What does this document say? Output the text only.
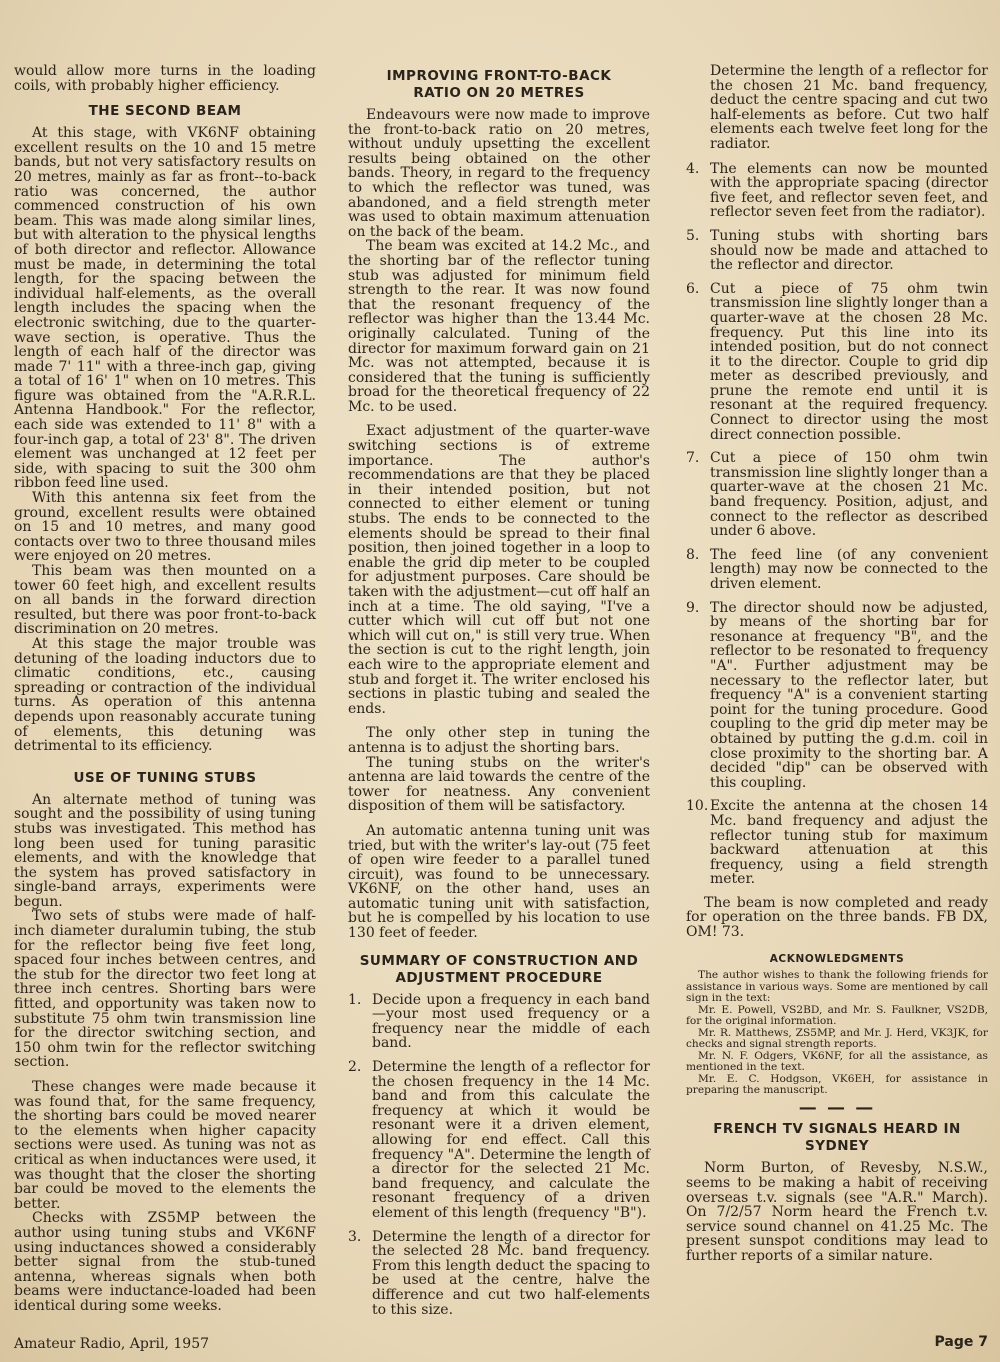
would allow more turns in the loading coils, with probably higher efficiency.

THE SECOND BEAM

At this stage, with VK6NF obtaining excellent results on the 10 and 15 metre bands, but not very satisfactory results on 20 metres, mainly as far as front--to-back ratio was concerned, the author commenced construction of his own beam. This was made along similar lines, but with alteration to the physical lengths of both director and reflector. Allowance must be made, in determining the total length, for the spacing between the individual half-elements, as the overall length includes the spacing when the electronic switching, due to the quarter-wave section, is operative. Thus the length of each half of the director was made 7' 11" with a three-inch gap, giving a total of 16' 1" when on 10 metres. This figure was obtained from the "A.R.R.L. Antenna Handbook." For the reflector, each side was extended to 11' 8" with a four-inch gap, a total of 23' 8". The driven element was unchanged at 12 feet per side, with spacing to suit the 300 ohm ribbon feed line used.

With this antenna six feet from the ground, excellent results were obtained on 15 and 10 metres, and many good contacts over two to three thousand miles were enjoyed on 20 metres.

This beam was then mounted on a tower 60 feet high, and excellent results on all bands in the forward direction resulted, but there was poor front-to-back discrimination on 20 metres.

At this stage the major trouble was detuning of the loading inductors due to climatic conditions, etc., causing spreading or contraction of the individual turns. As operation of this antenna depends upon reasonably accurate tuning of elements, this detuning was detrimental to its efficiency.

USE OF TUNING STUBS

An alternate method of tuning was sought and the possibility of using tuning stubs was investigated. This method has long been used for tuning parasitic elements, and with the knowledge that the system has proved satisfactory in single-band arrays, experiments were begun.

Two sets of stubs were made of half-inch diameter duralumin tubing, the stub for the reflector being five feet long, spaced four inches between centres, and the stub for the director two feet long at three inch centres. Shorting bars were fitted, and opportunity was taken now to substitute 75 ohm twin transmission line for the director switching section, and 150 ohm twin for the reflector switching section.

These changes were made because it was found that, for the same frequency, the shorting bars could be moved nearer to the elements when higher capacity sections were used. As tuning was not as critical as when inductances were used, it was thought that the closer the shorting bar could be moved to the elements the better.

Checks with ZS5MP between the author using tuning stubs and VK6NF using inductances showed a considerably better signal from the stub-tuned antenna, whereas signals when both beams were inductance-loaded had been identical during some weeks.

IMPROVING FRONT-TO-BACK RATIO ON 20 METRES

Endeavours were now made to improve the front-to-back ratio on 20 metres, without unduly upsetting the excellent results being obtained on the other bands. Theory, in regard to the frequency to which the reflector was tuned, was abandoned, and a field strength meter was used to obtain maximum attenuation on the back of the beam.

The beam was excited at 14.2 Mc., and the shorting bar of the reflector tuning stub was adjusted for minimum field strength to the rear. It was now found that the resonant frequency of the reflector was higher than the 13.44 Mc. originally calculated. Tuning of the director for maximum forward gain on 21 Mc. was not attempted, because it is considered that the tuning is sufficiently broad for the theoretical frequency of 22 Mc. to be used.

Exact adjustment of the quarter-wave switching sections is of extreme importance. The author's recommendations are that they be placed in their intended position, but not connected to either element or tuning stubs. The ends to be connected to the elements should be spread to their final position, then joined together in a loop to enable the grid dip meter to be coupled for adjustment purposes. Care should be taken with the adjustment—cut off half an inch at a time. The old saying, "I've a cutter which will cut off but not one which will cut on," is still very true. When the section is cut to the right length, join each wire to the appropriate element and stub and forget it. The writer enclosed his sections in plastic tubing and sealed the ends.

The only other step in tuning the antenna is to adjust the shorting bars.

The tuning stubs on the writer's antenna are laid towards the centre of the tower for neatness. Any convenient disposition of them will be satisfactory.

An automatic antenna tuning unit was tried, but with the writer's lay-out (75 feet of open wire feeder to a parallel tuned circuit), was found to be unnecessary. VK6NF, on the other hand, uses an automatic tuning unit with satisfaction, but he is compelled by his location to use 130 feet of feeder.

SUMMARY OF CONSTRUCTION AND ADJUSTMENT PROCEDURE
1. Decide upon a frequency in each band—your most used frequency or a frequency near the middle of each band.
2. Determine the length of a reflector for the chosen frequency in the 14 Mc. band and from this calculate the frequency at which it would be resonant were it a driven element, allowing for end effect. Call this frequency "A". Determine the length of a director for the selected 21 Mc. band frequency, and calculate the resonant frequency of a driven element of this length (frequency "B").
3. Determine the length of a director for the selected 28 Mc. band frequency. From this length deduct the spacing to be used at the centre, halve the difference and cut two half-elements to this size.

Determine the length of a reflector for the chosen 21 Mc. band frequency, deduct the centre spacing and cut two half-elements as before. Cut two half elements each twelve feet long for the radiator.

4. The elements can now be mounted with the appropriate spacing (director five feet, and reflector seven feet, and reflector seven feet from the radiator).
5. Tuning stubs with shorting bars should now be made and attached to the reflector and director.
6. Cut a piece of 75 ohm twin transmission line slightly longer than a quarter-wave at the chosen 28 Mc. frequency. Put this line into its intended position, but do not connect it to the director. Couple to grid dip meter as described previously, and prune the remote end until it is resonant at the required frequency. Connect to director using the most direct connection possible.
7. Cut a piece of 150 ohm twin transmission line slightly longer than a quarter-wave at the chosen 21 Mc. band frequency. Position, adjust, and connect to the reflector as described under 6 above.
8. The feed line (of any convenient length) may now be connected to the driven element.
9. The director should now be adjusted, by means of the shorting bar for resonance at frequency "B", and the reflector to be resonated to frequency "A". Further adjustment may be necessary to the reflector later, but frequency "A" is a convenient starting point for the tuning procedure. Good coupling to the grid dip meter may be obtained by putting the g.d.m. coil in close proximity to the shorting bar. A decided "dip" can be observed with this coupling.
10. Excite the antenna at the chosen 14 Mc. band frequency and adjust the reflector tuning stub for maximum backward attenuation at this frequency, using a field strength meter.

The beam is now completed and ready for operation on the three bands. FB DX, OM! 73.

ACKNOWLEDGMENTS

The author wishes to thank the following friends for assistance in various ways. Some are mentioned by call sign in the text:

Mr. E. Powell, VS2BD, and Mr. S. Faulkner, VS2DB, for the original information.

Mr. R. Matthews, ZS5MP, and Mr. J. Herd, VK3JK, for checks and signal strength reports.

Mr. N. F. Odgers, VK6NF, for all the assistance, as mentioned in the text.

Mr. E. C. Hodgson, VK6EH, for assistance in preparing the manuscript.

— — —
FRENCH TV SIGNALS HEARD IN SYDNEY

Norm Burton, of Revesby, N.S.W., seems to be making a habit of receiving overseas t.v. signals (see "A.R." March). On 7/2/57 Norm heard the French t.v. service sound channel on 41.25 Mc. The present sunspot conditions may lead to further reports of a similar nature.

Amateur Radio, April, 1957	Page 7
